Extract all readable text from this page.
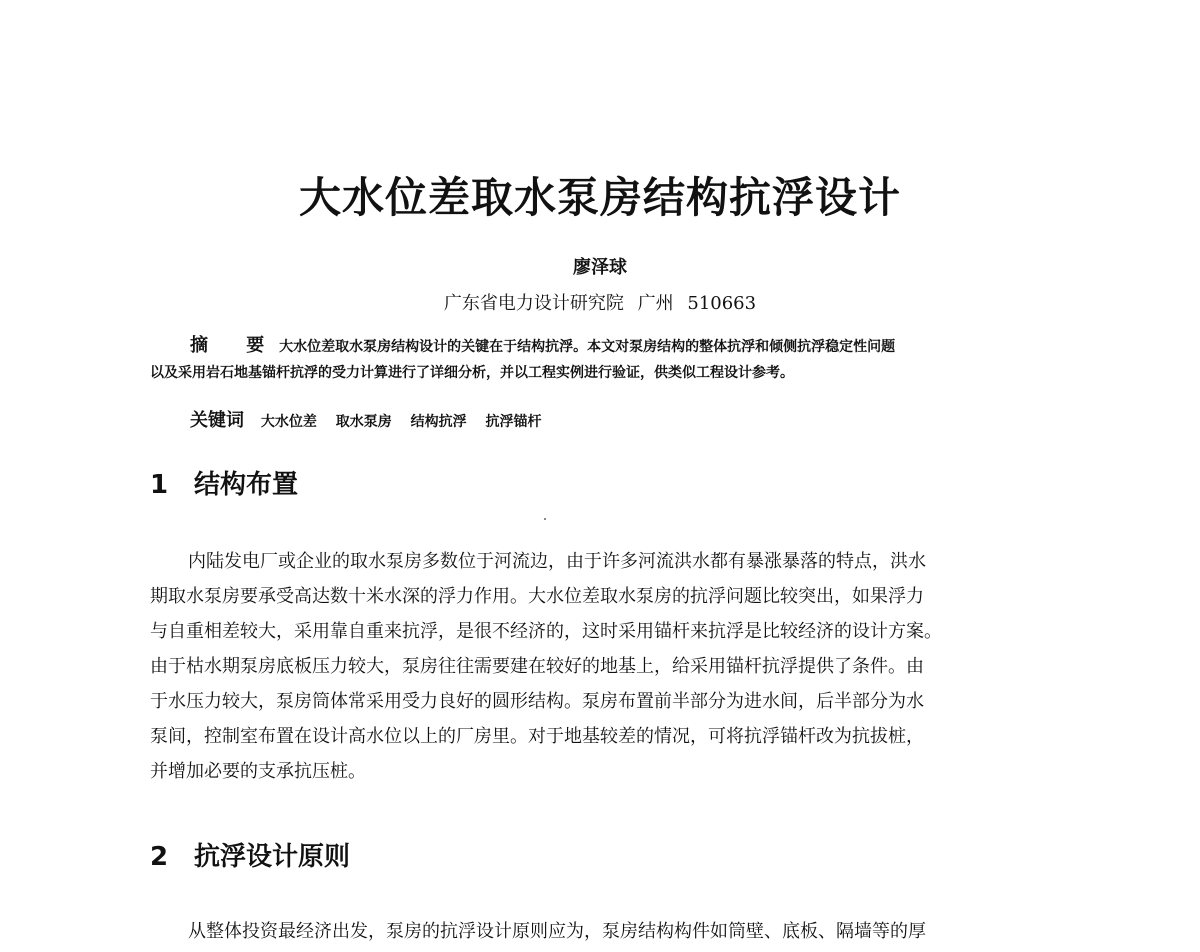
大水位差取水泵房结构抗浮设计
廖泽球
广东省电力设计研究院 广州 510663
摘 要 大水位差取水泵房结构设计的关键在于结构抗浮。本文对泵房结构的整体抗浮和倾侧抗浮稳定性问题
以及采用岩石地基锚杆抗浮的受力计算进行了详细分析，并以工程实例进行验证，供类似工程设计参考。
关键词 大水位差 取水泵房 结构抗浮 抗浮锚杆
1 结构布置
内陆发电厂或企业的取水泵房多数位于河流边，由于许多河流洪水都有暴涨暴落的特点，洪水
期取水泵房要承受高达数十米水深的浮力作用。大水位差取水泵房的抗浮问题比较突出，如果浮力
与自重相差较大，采用靠自重来抗浮，是很不经济的，这时采用锚杆来抗浮是比较经济的设计方案。
由于枯水期泵房底板压力较大，泵房往往需要建在较好的地基上，给采用锚杆抗浮提供了条件。由
于水压力较大，泵房筒体常采用受力良好的圆形结构。泵房布置前半部分为进水间，后半部分为水
泵间，控制室布置在设计高水位以上的厂房里。对于地基较差的情况，可将抗浮锚杆改为抗拔桩，
并增加必要的支承抗压桩。
2 抗浮设计原则
从整体投资最经济出发，泵房的抗浮设计原则应为，泵房结构构件如筒壁、底板、隔墙等的厚
